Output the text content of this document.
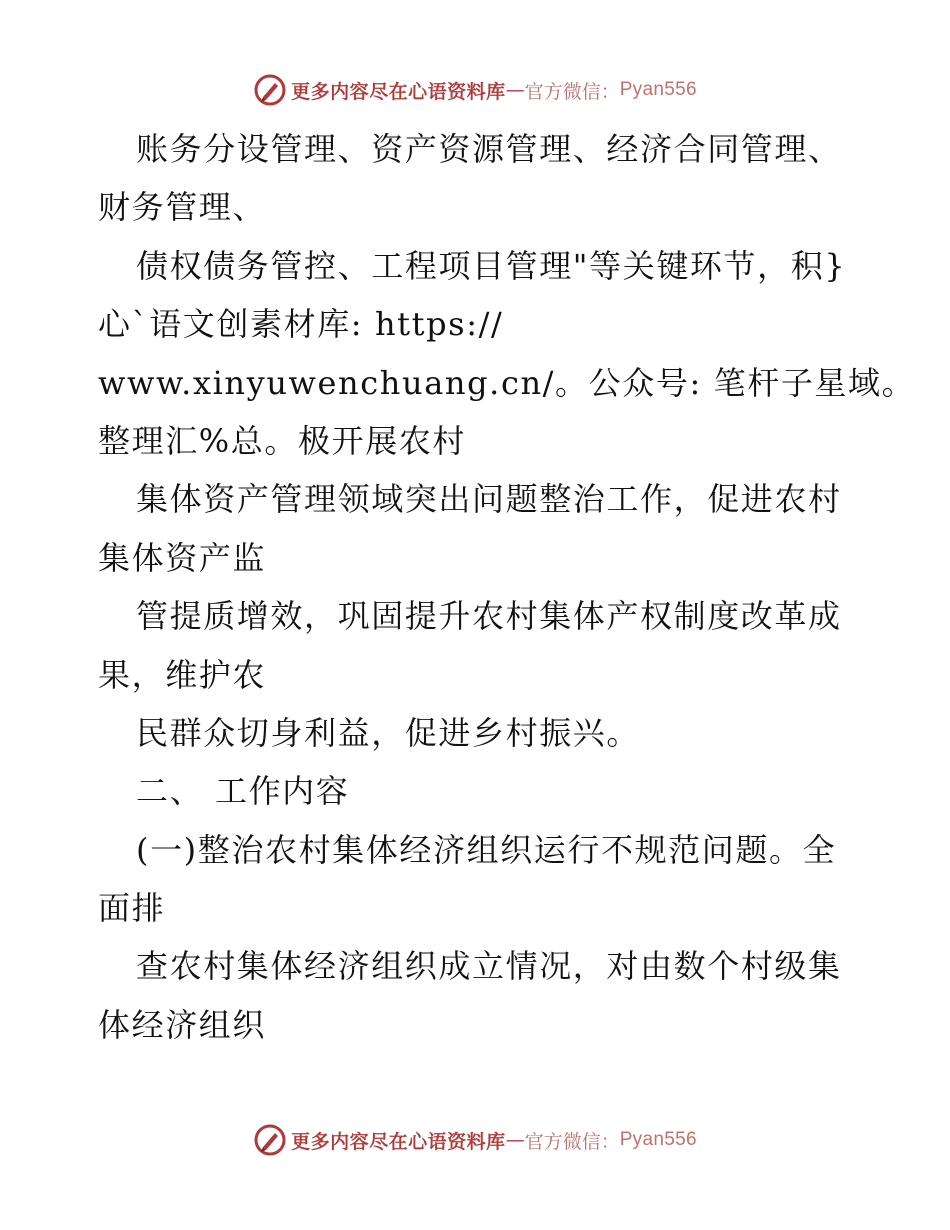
更多内容尽在心语资料库 — 官方微信： Pyan556
账务分设管理、资产资源管理、经济合同管理、
财务管理、
债权债务管控、工程项目管理"等关键环节，积}
心`语文创素材库: https://
www.xinyuwenchuang.cn/。公众号: 笔杆子星域。
整理汇%总。极开展农村
集体资产管理领域突出问题整治工作，促进农村
集体资产监
管提质增效，巩固提升农村集体产权制度改革成
果，维护农
民群众切身利益，促进乡村振兴。
二、 工作内容
(一)整治农村集体经济组织运行不规范问题。全
面排
查农村集体经济组织成立情况，对由数个村级集
体经济组织
更多内容尽在心语资料库 — 官方微信： Pyan556
